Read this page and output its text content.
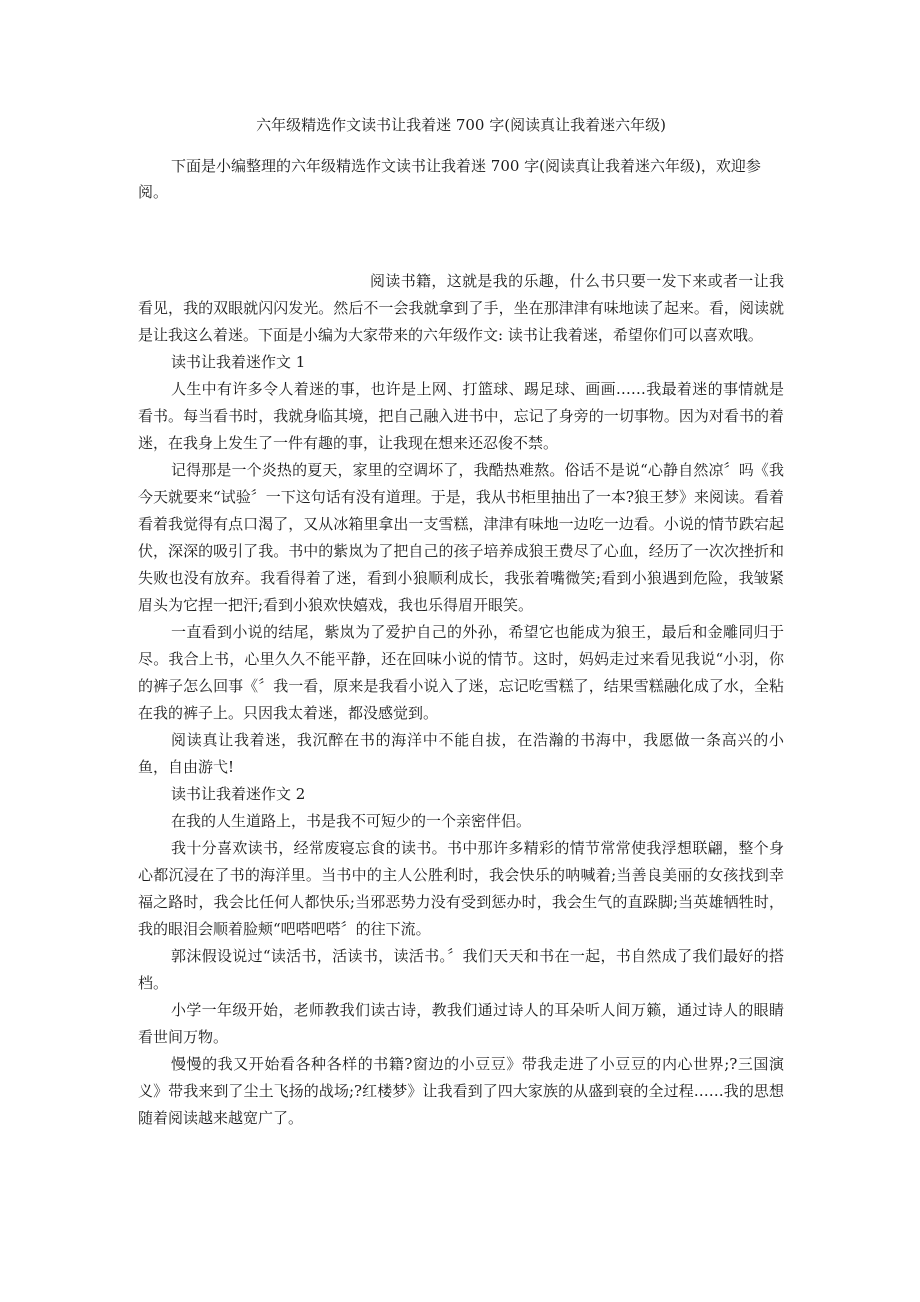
六年级精选作文读书让我着迷 700 字(阅读真让我着迷六年级)

下面是小编整理的六年级精选作文读书让我着迷 700 字(阅读真让我着迷六年级)，欢迎参阅。

阅读书籍，这就是我的乐趣，什么书只要一发下来或者一让我看见，我的双眼就闪闪发光。然后不一会我就拿到了手，坐在那津津有味地读了起来。看，阅读就是让我这么着迷。下面是小编为大家带来的六年级作文: 读书让我着迷，希望你们可以喜欢哦。

读书让我着迷作文 1

人生中有许多令人着迷的事，也许是上网、打篮球、踢足球、画画……我最着迷的事情就是看书。每当看书时，我就身临其境，把自己融入进书中，忘记了身旁的一切事物。因为对看书的着迷，在我身上发生了一件有趣的事，让我现在想来还忍俊不禁。

记得那是一个炎热的夏天，家里的空调坏了，我酷热难熬。俗话不是说“心静自然凉〞吗《我今天就要来“试验〞一下这句话有没有道理。于是，我从书柜里抽出了一本?狼王梦》来阅读。看着看着我觉得有点口渴了，又从冰箱里拿出一支雪糕，津津有味地一边吃一边看。小说的情节跌宕起伏，深深的吸引了我。书中的紫岚为了把自己的孩子培养成狼王费尽了心血，经历了一次次挫折和失败也没有放弃。我看得着了迷，看到小狼顺利成长，我张着嘴微笑;看到小狼遇到危险，我皱紧眉头为它捏一把汗;看到小狼欢快嬉戏，我也乐得眉开眼笑。

一直看到小说的结尾，紫岚为了爱护自己的外孙，希望它也能成为狼王，最后和金雕同归于尽。我合上书，心里久久不能平静，还在回味小说的情节。这时，妈妈走过来看见我说“小羽，你的裤子怎么回事《〞我一看，原来是我看小说入了迷，忘记吃雪糕了，结果雪糕融化成了水，全粘在我的裤子上。只因我太着迷，都没感觉到。

阅读真让我着迷，我沉醉在书的海洋中不能自拔，在浩瀚的书海中，我愿做一条高兴的小鱼，自由游弋!

读书让我着迷作文 2

在我的人生道路上，书是我不可短少的一个亲密伴侣。

我十分喜欢读书，经常废寝忘食的读书。书中那许多精彩的情节常常使我浮想联翩，整个身心都沉浸在了书的海洋里。当书中的主人公胜利时，我会快乐的呐喊着;当善良美丽的女孩找到幸福之路时，我会比任何人都快乐;当邪恶势力没有受到惩办时，我会生气的直跺脚;当英雄牺牲时，我的眼泪会顺着脸颊“吧嗒吧嗒〞的往下流。

郭沫假设说过“读活书，活读书，读活书。〞我们天天和书在一起，书自然成了我们最好的搭档。

小学一年级开始，老师教我们读古诗，教我们通过诗人的耳朵听人间万籁，通过诗人的眼睛看世间万物。

慢慢的我又开始看各种各样的书籍?窗边的小豆豆》带我走进了小豆豆的内心世界;?三国演义》带我来到了尘土飞扬的战场;?红楼梦》让我看到了四大家族的从盛到衰的全过程……我的思想随着阅读越来越宽广了。
